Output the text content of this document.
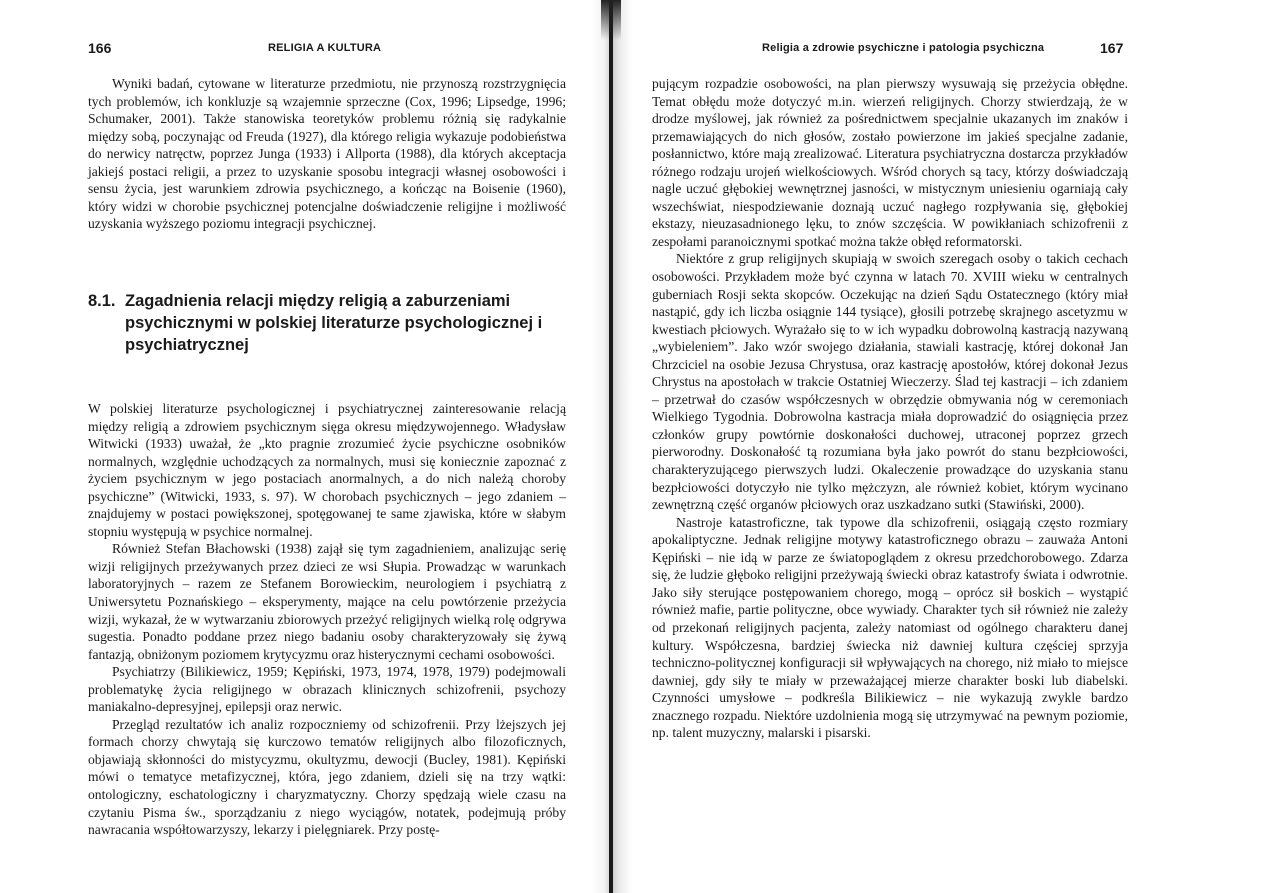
166	RELIGIA A KULTURA

Wyniki badań, cytowane w literaturze przedmiotu, nie przynoszą rozstrzygnięcia tych problemów, ich konkluzje są wzajemnie sprzeczne (Cox, 1996; Lipsedge, 1996; Schumaker, 2001). Także stanowiska teoretyków problemu różnią się radykalnie między sobą, poczynając od Freuda (1927), dla którego religia wykazuje podobieństwa do nerwicy natręctw, poprzez Junga (1933) i Allporta (1988), dla których akceptacja jakiejś postaci religii, a przez to uzyskanie sposobu integracji własnej osobowości i sensu życia, jest warunkiem zdrowia psychicznego, a kończąc na Boisenie (1960), który widzi w chorobie psychicznej potencjalne doświadczenie religijne i możliwość uzyskania wyższego poziomu integracji psychicznej.

8.1. Zagadnienia relacji między religią a zaburzeniami psychicznymi w polskiej literaturze psychologicznej i psychiatrycznej

W polskiej literaturze psychologicznej i psychiatrycznej zainteresowanie relacją między religią a zdrowiem psychicznym sięga okresu międzywojennego. Władysław Witwicki (1933) uważał, że „kto pragnie zrozumieć życie psychiczne osobników normalnych, względnie uchodzących za normalnych, musi się koniecznie zapoznać z życiem psychicznym w jego postaciach anormalnych, a do nich należą choroby psychiczne” (Witwicki, 1933, s. 97). W chorobach psychicznych – jego zdaniem – znajdujemy w postaci powiększonej, spotęgowanej te same zjawiska, które w słabym stopniu występują w psychice normalnej.

Również Stefan Błachowski (1938) zajął się tym zagadnieniem, analizując serię wizji religijnych przeżywanych przez dzieci ze wsi Słupia. Prowadząc w warunkach laboratoryjnych – razem ze Stefanem Borowieckim, neurologiem i psychiatrą z Uniwersytetu Poznańskiego – eksperymenty, mające na celu powtórzenie przeżycia wizji, wykazał, że w wytwarzaniu zbiorowych przeżyć religijnych wielką rolę odgrywa sugestia. Ponadto poddane przez niego badaniu osoby charakteryzowały się żywą fantazją, obniżonym poziomem krytycyzmu oraz histerycznymi cechami osobowości.

Psychiatrzy (Bilikiewicz, 1959; Kępiński, 1973, 1974, 1978, 1979) podejmowali problematykę życia religijnego w obrazach klinicznych schizofrenii, psychozy maniakalno-depresyjnej, epilepsji oraz nerwic.

Przegląd rezultatów ich analiz rozpoczniemy od schizofrenii. Przy lżejszych jej formach chorzy chwytają się kurczowo tematów religijnych albo filozoficznych, objawiają skłonności do mistycyzmu, okultyzmu, dewocji (Bucley, 1981). Kępiński mówi o tematyce metafizycznej, która, jego zdaniem, dzieli się na trzy wątki: ontologiczny, eschatologiczny i charyzmatyczny. Chorzy spędzają wiele czasu na czytaniu Pisma św., sporządzaniu z niego wyciągów, notatek, podejmują próby nawracania współtowarzyszy, lekarzy i pielęgniarek. Przy postę-

Religia a zdrowie psychiczne i patologia psychiczna	167

pującym rozpadzie osobowości, na plan pierwszy wysuwają się przeżycia obłędne. Temat obłędu może dotyczyć m.in. wierzeń religijnych. Chorzy stwierdzają, że w drodze myślowej, jak również za pośrednictwem specjalnie ukazanych im znaków i przemawiających do nich głosów, zostało powierzone im jakieś specjalne zadanie, posłannictwo, które mają zrealizować. Literatura psychiatryczna dostarcza przykładów różnego rodzaju urojeń wielkościowych. Wśród chorych są tacy, którzy doświadczają nagle uczuć głębokiej wewnętrznej jasności, w mistycznym uniesieniu ogarniają cały wszechświat, niespodziewanie doznają uczuć nagłego rozpływania się, głębokiej ekstazy, nieuzasadnionego lęku, to znów szczęścia. W powikłaniach schizofrenii z zespołami paranoicznymi spotkać można także obłęd reformatorski.

Niektóre z grup religijnych skupiają w swoich szeregach osoby o takich cechach osobowości. Przykładem może być czynna w latach 70. XVIII wieku w centralnych guberniach Rosji sekta skopców. Oczekując na dzień Sądu Ostatecznego (który miał nastąpić, gdy ich liczba osiągnie 144 tysiące), głosili potrzebę skrajnego ascetyzmu w kwestiach płciowych. Wyrażało się to w ich wypadku dobrowolną kastracją nazywaną „wybieleniem”. Jako wzór swojego działania, stawiali kastrację, której dokonał Jan Chrzciciel na osobie Jezusa Chrystusa, oraz kastrację apostołów, której dokonał Jezus Chrystus na apostołach w trakcie Ostatniej Wieczerzy. Ślad tej kastracji – ich zdaniem – przetrwał do czasów współczesnych w obrzędzie obmywania nóg w ceremoniach Wielkiego Tygodnia. Dobrowolna kastracja miała doprowadzić do osiągnięcia przez członków grupy powtórnie doskonałości duchowej, utraconej poprzez grzech pierworodny. Doskonałość tą rozumiana była jako powrót do stanu bezpłciowości, charakteryzującego pierwszych ludzi. Okaleczenie prowadzące do uzyskania stanu bezpłciowości dotyczyło nie tylko mężczyzn, ale również kobiet, którym wycinano zewnętrzną część organów płciowych oraz uszkadzano sutki (Stawiński, 2000).

Nastroje katastroficzne, tak typowe dla schizofrenii, osiągają często rozmiary apokaliptyczne. Jednak religijne motywy katastroficznego obrazu – zauważa Antoni Kępiński – nie idą w parze ze światopoglądem z okresu przedchorobowego. Zdarza się, że ludzie głęboko religijni przeżywają świecki obraz katastrofy świata i odwrotnie. Jako siły sterujące postępowaniem chorego, mogą – oprócz sił boskich – wystąpić również mafie, partie polityczne, obce wywiady. Charakter tych sił również nie zależy od przekonań religijnych pacjenta, zależy natomiast od ogólnego charakteru danej kultury. Współczesna, bardziej świecka niż dawniej kultura częściej sprzyja techniczno-politycznej konfiguracji sił wpływających na chorego, niż miało to miejsce dawniej, gdy siły te miały w przeważającej mierze charakter boski lub diabelski. Czynności umysłowe – podkreśla Bilikiewicz – nie wykazują zwykle bardzo znacznego rozpadu. Niektóre uzdolnienia mogą się utrzymywać na pewnym poziomie, np. talent muzyczny, malarski i pisarski.
